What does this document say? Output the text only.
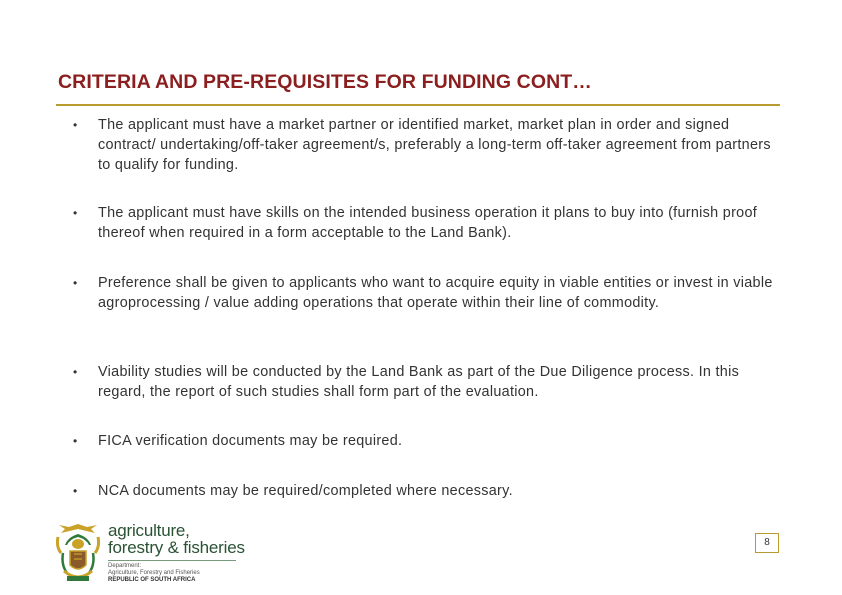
CRITERIA AND PRE-REQUISITES FOR FUNDING CONT…
•	The applicant must have a market partner or identified market, market plan in order and signed contract/ undertaking/off-taker agreement/s, preferably a long-term off-taker agreement from partners to qualify for funding.
•	The applicant must have skills on the intended business operation it plans to buy into (furnish proof thereof when required in a form acceptable to the Land Bank).
•	Preference shall be given to applicants who want to acquire equity in viable entities or invest in viable agroprocessing / value adding operations that operate within their line of commodity.
•	Viability studies will be conducted by the Land Bank as part of the Due Diligence process. In this regard, the report of such studies shall form part of the evaluation.
•	FICA verification documents may be required.
•	NCA documents may be required/completed where necessary.
agriculture,
forestry & fisheries
Department:
Agriculture, Forestry and Fisheries
REPUBLIC OF SOUTH AFRICA
8
